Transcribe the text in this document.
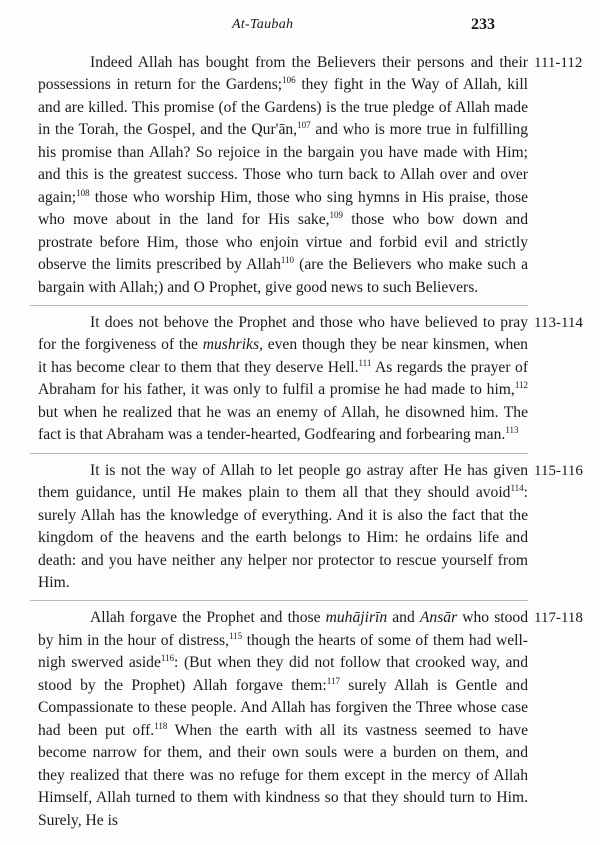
At-Taubah	233

Indeed Allah has bought from the Believers their persons and their possessions in return for the Gardens;$^{106}$ they fight in the Way of Allah, kill and are killed. This promise (of the Gardens) is the true pledge of Allah made in the Torah, the Gospel, and the Qur'ān,$^{107}$ and who is more true in fulfilling his promise than Allah? So rejoice in the bargain you have made with Him; and this is the greatest success. Those who turn back to Allah over and over again;$^{108}$ those who worship Him, those who sing hymns in His praise, those who move about in the land for His sake,$^{109}$ those who bow down and prostrate before Him, those who enjoin virtue and forbid evil and strictly observe the limits prescribed by Allah$^{110}$ (are the Believers who make such a bargain with Allah;) and O Prophet, give good news to such Believers.

111-112

It does not behove the Prophet and those who have believed to pray for the forgiveness of the mushriks, even though they be near kinsmen, when it has become clear to them that they deserve Hell.$^{111}$ As regards the prayer of Abraham for his father, it was only to fulfil a promise he had made to him,$^{112}$ but when he realized that he was an enemy of Allah, he disowned him. The fact is that Abraham was a tender-hearted, Godfearing and forbearing man.$^{113}$

113-114

It is not the way of Allah to let people go astray after He has given them guidance, until He makes plain to them all that they should avoid$^{114}$: surely Allah has the knowledge of everything. And it is also the fact that the kingdom of the heavens and the earth belongs to Him: he ordains life and death: and you have neither any helper nor protector to rescue yourself from Him.

115-116

Allah forgave the Prophet and those muhājirīn and Ansār who stood by him in the hour of distress,$^{115}$ though the hearts of some of them had well-nigh swerved aside$^{116}$: (But when they did not follow that crooked way, and stood by the Prophet) Allah forgave them:$^{117}$ surely Allah is Gentle and Compassionate to these people. And Allah has forgiven the Three whose case had been put off.$^{118}$ When the earth with all its vastness seemed to have become narrow for them, and their own souls were a burden on them, and they realized that there was no refuge for them except in the mercy of Allah Himself, Allah turned to them with kindness so that they should turn to Him. Surely, He is

117-118
